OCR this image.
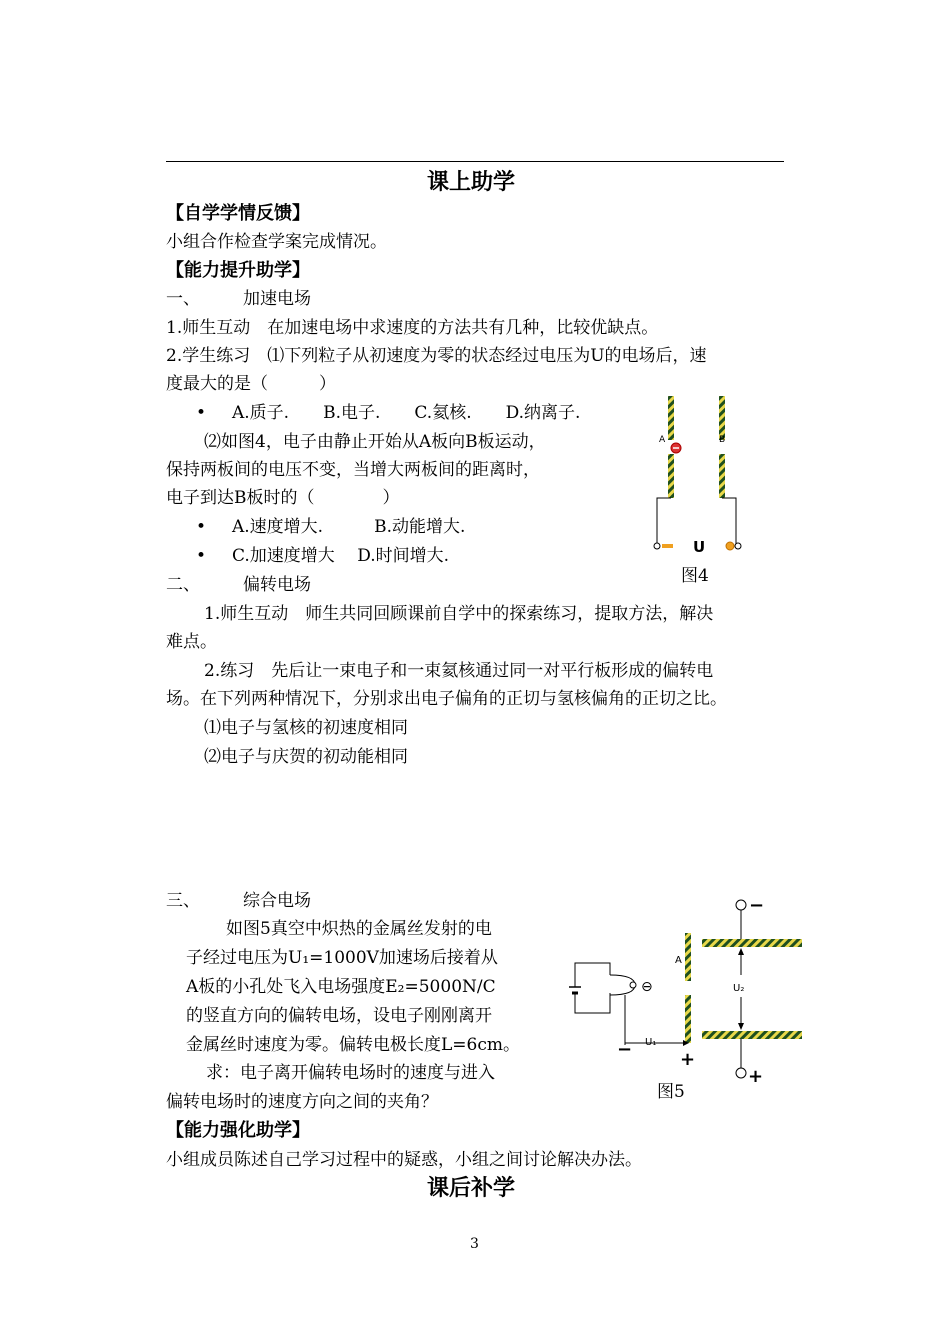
课上助学
【自学学情反馈】
小组合作检查学案完成情况。
【能力提升助学】
一、	加速电场
1.师生互动　在加速电场中求速度的方法共有几种，比较优缺点。
2.学生练习　⑴下列粒子从初速度为零的状态经过电压为U的电场后，速
度最大的是（　　　）
• A.质子.　　B.电子.　　C.氦核.　　D.纳离子.
⑵如图4，电子由静止开始从A板向B板运动，
保持两板间的电压不变，当增大两板间的距离时，
电子到达B板时的（　　　　）
• A.速度增大.　　　B.动能增大.
• C.加速度增大　 D.时间增大.
A	B
U
图4
二、	偏转电场
1.师生互动　师生共同回顾课前自学中的探索练习，提取方法，解决
难点。
2.练习　先后让一束电子和一束氦核通过同一对平行板形成的偏转电
场。在下列两种情况下，分别求出电子偏角的正切与氢核偏角的正切之比。
⑴电子与氢核的初速度相同
⑵电子与庆贺的初动能相同
三、	综合电场
如图5真空中炽热的金属丝发射的电
子经过电压为U₁=1000V加速场后接着从
A板的小孔处飞入电场强度E₂=5000N/C
的竖直方向的偏转电场，设电子刚刚离开
金属丝时速度为零。偏转电极长度L=6cm。
求：电子离开偏转电场时的速度与进入
偏转电场时的速度方向之间的夹角？
−
+
U₂
A
+
⊖
U₁
−
图5
【能力强化助学】
小组成员陈述自己学习过程中的疑惑，小组之间讨论解决办法。
课后补学
3
